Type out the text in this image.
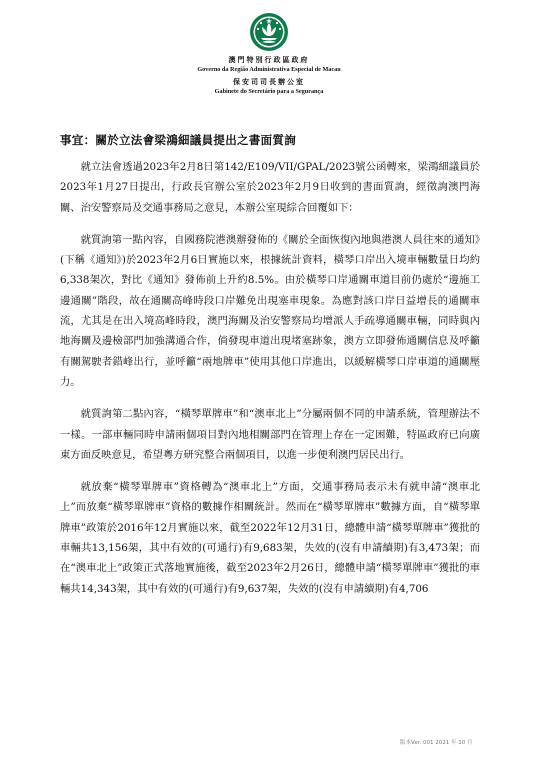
澳門特別行政區政府
Governo da Região Administrativa Especial de Macau
保安司司長辦公室
Gabinete do Secretário para a Segurança
事宜：關於立法會梁鴻細議員提出之書面質詢

就立法會透過2023年2月8日第142/E109/VII/GPAL/2023號公函轉來，梁鴻細議員於2023年1月27日提出，行政長官辦公室於2023年2月9日收到的書面質詢，經徵詢澳門海關、治安警察局及交通事務局之意見，本辦公室現綜合回覆如下：

就質詢第一點內容，自國務院港澳辦發佈的《關於全面恢復內地與港澳人員往來的通知》(下稱《通知》)於2023年2月6日實施以來，根據統計資料，橫琴口岸出入境車輛數量日均約6,338架次，對比《通知》發佈前上升約8.5%。由於橫琴口岸通關車道目前仍處於“邊施工邊通關”階段，故在通關高峰時段口岸難免出現塞車現象。為應對該口岸日益增長的通關車流，尤其是在出入境高峰時段，澳門海關及治安警察局均增派人手疏導通關車輛，同時與內地海關及邊檢部門加強溝通合作，倘發現車道出現堵塞跡象，澳方立即發佈通關信息及呼籲有關駕駛者錯峰出行，並呼籲“兩地牌車”使用其他口岸進出，以緩解橫琴口岸車道的通關壓力。

就質詢第二點內容，“橫琴單牌車”和“澳車北上”分屬兩個不同的申請系統，管理辦法不一樣。一部車輛同時申請兩個項目對內地相關部門在管理上存在一定困難，特區政府已向廣東方面反映意見，希望粵方研究整合兩個項目，以進一步便利澳門居民出行。

就放棄“橫琴單牌車”資格轉為“澳車北上”方面，交通事務局表示未有就申請“澳車北上”而放棄“橫琴單牌車”資格的數據作相關統計。然而在“橫琴單牌車”數據方面，自“橫琴單牌車”政策於2016年12月實施以來，截至2022年12月31日，總體申請“橫琴單牌車”獲批的車輛共13,156架，其中有效的(可通行)有9,683架，失效的(沒有申請續期)有3,473架；而在“澳車北上”政策正式落地實施後，截至2023年2月26日，總體申請“橫琴單牌車”獲批的車輛共14,343架，其中有效的(可通行)有9,637架，失效的(沒有申請續期)有4,706

版本Ver. 001 2021 年 10 月
